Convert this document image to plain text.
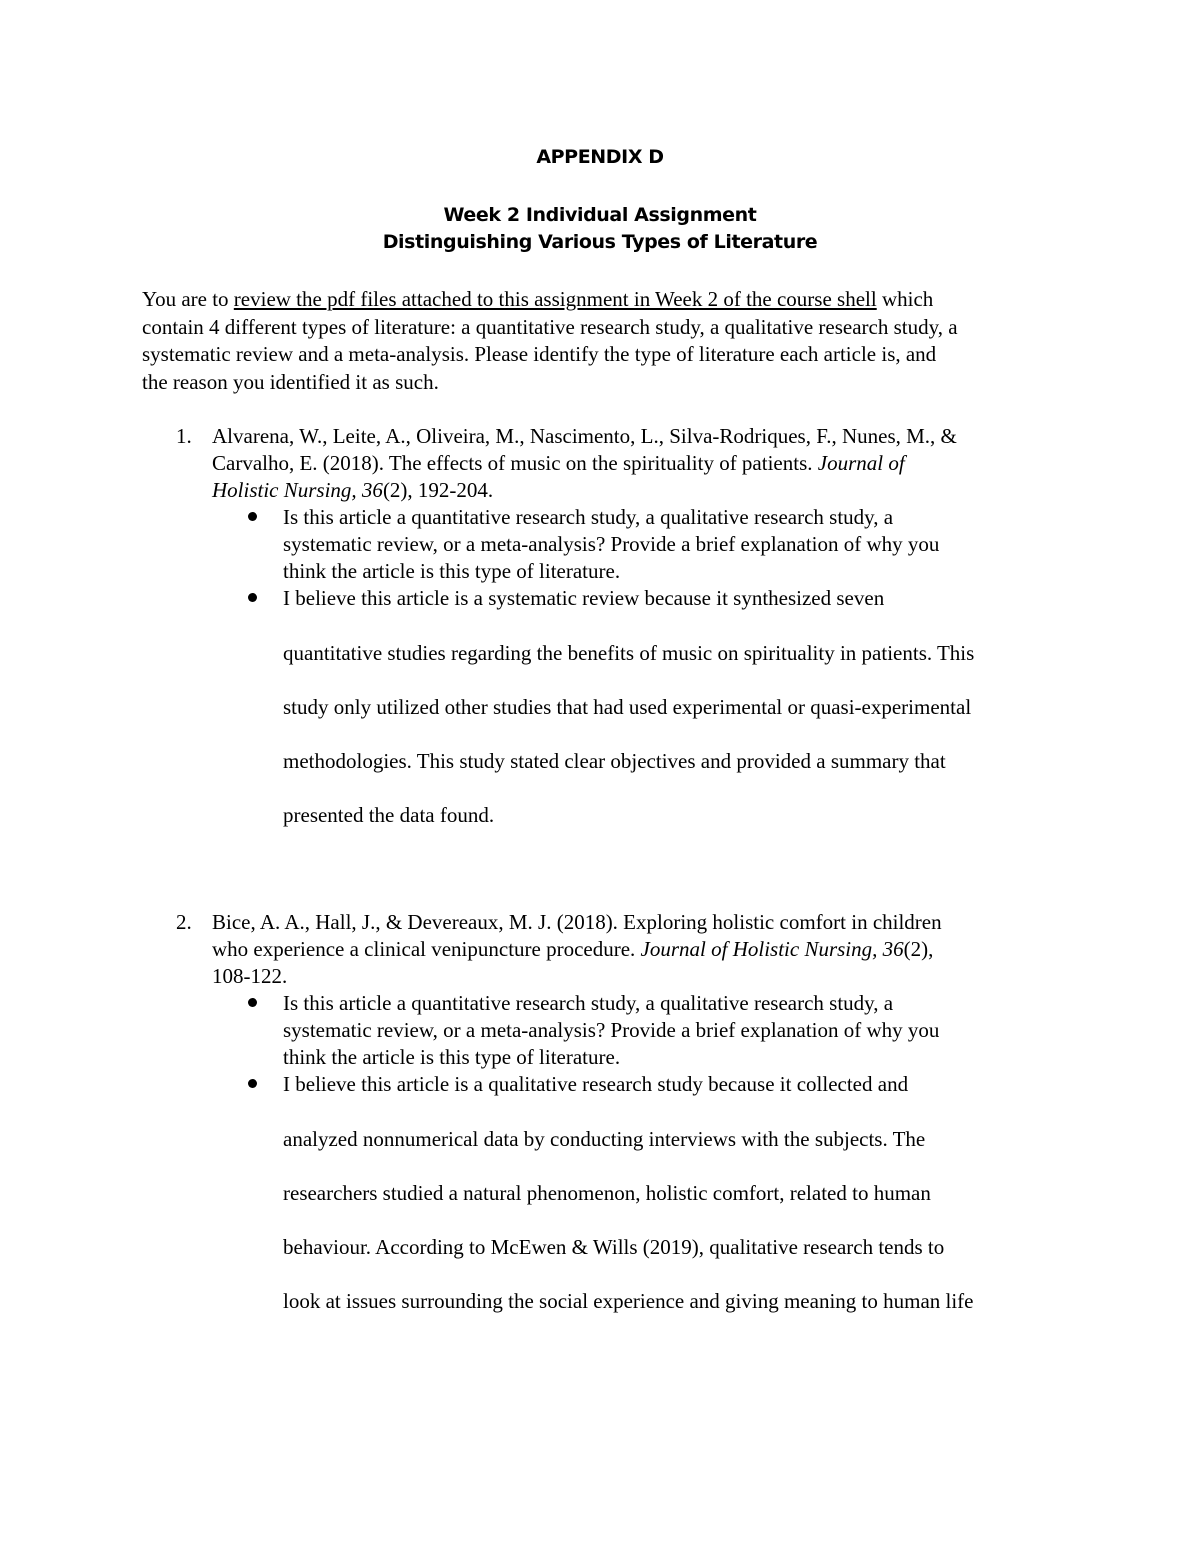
APPENDIX D
Week 2 Individual Assignment
Distinguishing Various Types of Literature
You are to review the pdf files attached to this assignment in Week 2 of the course shell which
contain 4 different types of literature: a quantitative research study, a qualitative research study, a
systematic review and a meta-analysis. Please identify the type of literature each article is, and
the reason you identified it as such.
1. Alvarena, W., Leite, A., Oliveira, M., Nascimento, L., Silva-Rodriques, F., Nunes, M., &
Carvalho, E. (2018). The effects of music on the spirituality of patients. Journal of
Holistic Nursing, 36(2), 192-204.
Is this article a quantitative research study, a qualitative research study, a
systematic review, or a meta-analysis? Provide a brief explanation of why you
think the article is this type of literature.
I believe this article is a systematic review because it synthesized seven
quantitative studies regarding the benefits of music on spirituality in patients. This
study only utilized other studies that had used experimental or quasi-experimental
methodologies. This study stated clear objectives and provided a summary that
presented the data found.
2. Bice, A. A., Hall, J., & Devereaux, M. J. (2018). Exploring holistic comfort in children
who experience a clinical venipuncture procedure. Journal of Holistic Nursing, 36(2),
108-122.
Is this article a quantitative research study, a qualitative research study, a
systematic review, or a meta-analysis? Provide a brief explanation of why you
think the article is this type of literature.
I believe this article is a qualitative research study because it collected and
analyzed nonnumerical data by conducting interviews with the subjects. The
researchers studied a natural phenomenon, holistic comfort, related to human
behaviour. According to McEwen & Wills (2019), qualitative research tends to
look at issues surrounding the social experience and giving meaning to human life
